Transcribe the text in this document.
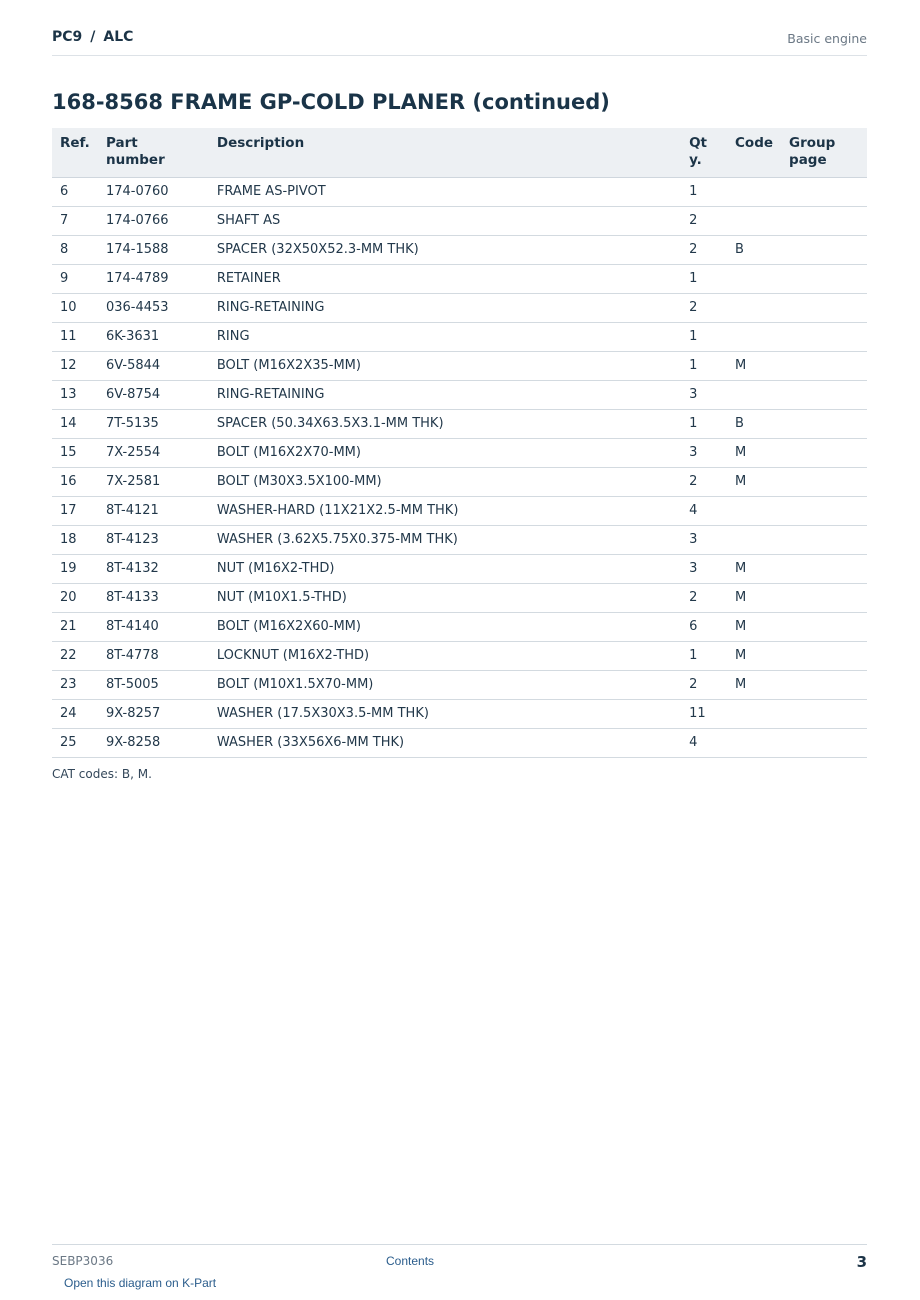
PC9 / ALC	Basic engine
168-8568 FRAME GP-COLD PLANER (continued)
Ref.	Part number	Description	Qty.	Code	Group page
6	174-0760	FRAME AS-PIVOT	1		
7	174-0766	SHAFT AS	2		
8	174-1588	SPACER (32X50X52.3-MM THK)	2	B	
9	174-4789	RETAINER	1		
10	036-4453	RING-RETAINING	2		
11	6K-3631	RING	1		
12	6V-5844	BOLT (M16X2X35-MM)	1	M	
13	6V-8754	RING-RETAINING	3		
14	7T-5135	SPACER (50.34X63.5X3.1-MM THK)	1	B	
15	7X-2554	BOLT (M16X2X70-MM)	3	M	
16	7X-2581	BOLT (M30X3.5X100-MM)	2	M	
17	8T-4121	WASHER-HARD (11X21X2.5-MM THK)	4		
18	8T-4123	WASHER (3.62X5.75X0.375-MM THK)	3		
19	8T-4132	NUT (M16X2-THD)	3	M	
20	8T-4133	NUT (M10X1.5-THD)	2	M	
21	8T-4140	BOLT (M16X2X60-MM)	6	M	
22	8T-4778	LOCKNUT (M16X2-THD)	1	M	
23	8T-5005	BOLT (M10X1.5X70-MM)	2	M	
24	9X-8257	WASHER (17.5X30X3.5-MM THK)	11		
25	9X-8258	WASHER (33X56X6-MM THK)	4		
CAT codes: B, M.
SEBP3036	Contents	3
Open this diagram on K-Part
